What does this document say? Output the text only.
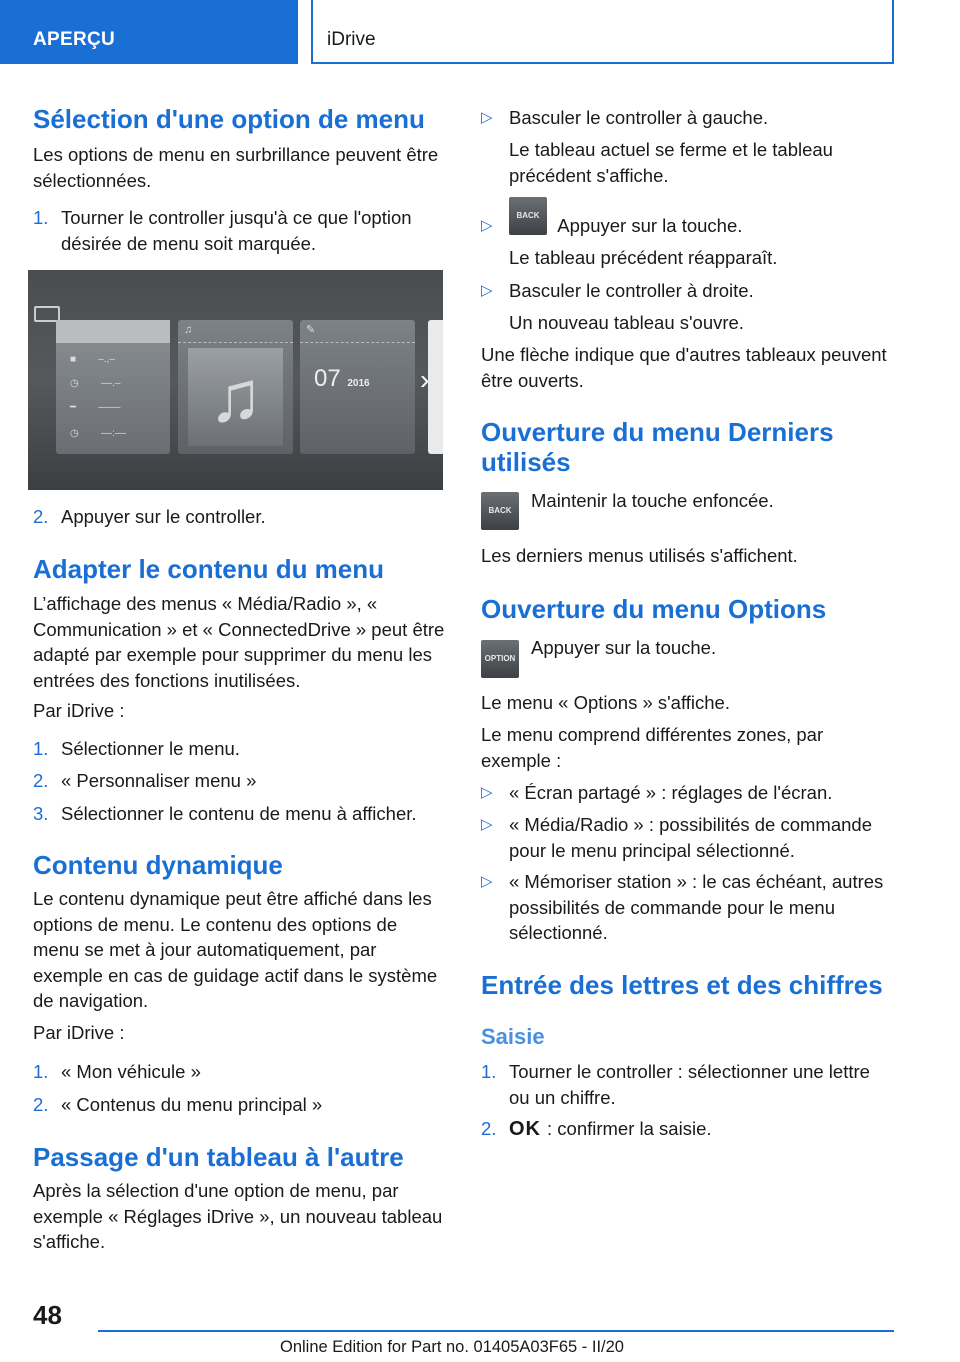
APERÇU	iDrive
Sélection d'une option de menu

Les options de menu en surbrillance peuvent être sélectionnées.

1. Tourner le controller jusqu'à ce que l'option désirée de menu soit marquée.
■        –.,–
◷        ––.–
━        ––––
◷        ––:––
♫
♫
✎
07 2016 ›
2. Appuyer sur le controller.
Adapter le contenu du menu

L’affichage des menus « Média/Radio », « Communication » et « ConnectedDrive » peut être adapté par exemple pour supprimer du menu les entrées des fonctions inutilisées.

Par iDrive :

1. Sélectionner le menu.
2. « Personnaliser menu »
3. Sélectionner le contenu de menu à afficher.
Contenu dynamique

Le contenu dynamique peut être affiché dans les options de menu. Le contenu des options de menu se met à jour automatiquement, par exemple en cas de guidage actif dans le système de navigation.

Par iDrive :

1. « Mon véhicule »
2. « Contenus du menu principal »
Passage d'un tableau à l'autre

Après la sélection d'une option de menu, par exemple « Réglages iDrive », un nouveau tableau s'affiche.

▷ Basculer le controller à gauche.

Le tableau actuel se ferme et le tableau précédent s'affiche.

▷
BACK Appuyer sur la touche.

Le tableau précédent réapparaît.

▷ Basculer le controller à droite.

Un nouveau tableau s'ouvre.

Une flèche indique que d'autres tableaux peuvent être ouverts.

Ouverture du menu Derniers utilisés
BACK	Maintenir la touche enfoncée.

Les derniers menus utilisés s'affichent.

Ouverture du menu Options
OPTION

Appuyer sur la touche.

Le menu « Options » s'affiche.

Le menu comprend différentes zones, par exemple :

▷ « Écran partagé » : réglages de l'écran.
▷ « Média/Radio » : possibilités de commande pour le menu principal sélectionné.
▷ « Mémoriser station » : le cas échéant, autres possibilités de commande pour le menu sélectionné.
Entrée des lettres et des chiffres
Saisie
1. Tourner le controller : sélectionner une lettre ou un chiffre.
2. OK : confirmer la saisie.
48
Online Edition for Part no. 01405A03F65 - II/20
